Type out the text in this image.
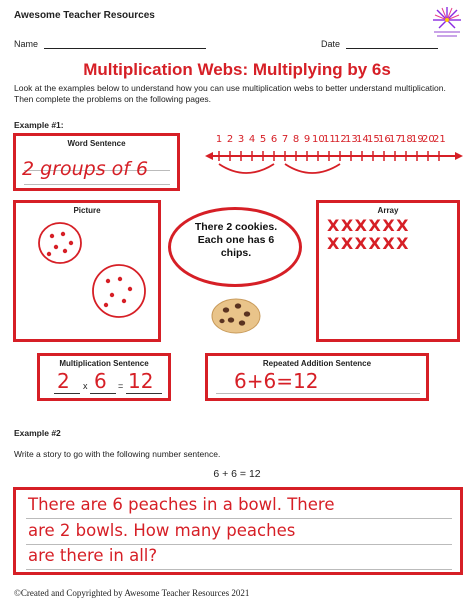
Awesome Teacher Resources
Name	Date
Multiplication Webs: Multiplying by 6s
Look at the examples below to understand how you can use multiplication webs to better understand multiplication. Then complete the problems on the following pages.
Example #1:
Word Sentence
2 groups of 6
1 2 3 4 5 6 7 8 9 10
11
12
13
14
15
16
17
18
19
20
21
Picture
There 2 cookies. Each one has 6 chips.
Array
XXXXXX
XXXXXX
Multiplication Sentence
2 x 6 = 12
Repeated Addition Sentence
6+6=12
Example #2
Write a story to go with the following number sentence.
6 + 6 = 12
There are 6 peaches in a bowl. There
are 2 bowls. How many peaches
are there in all?
©Created and Copyrighted by Awesome Teacher Resources 2021
